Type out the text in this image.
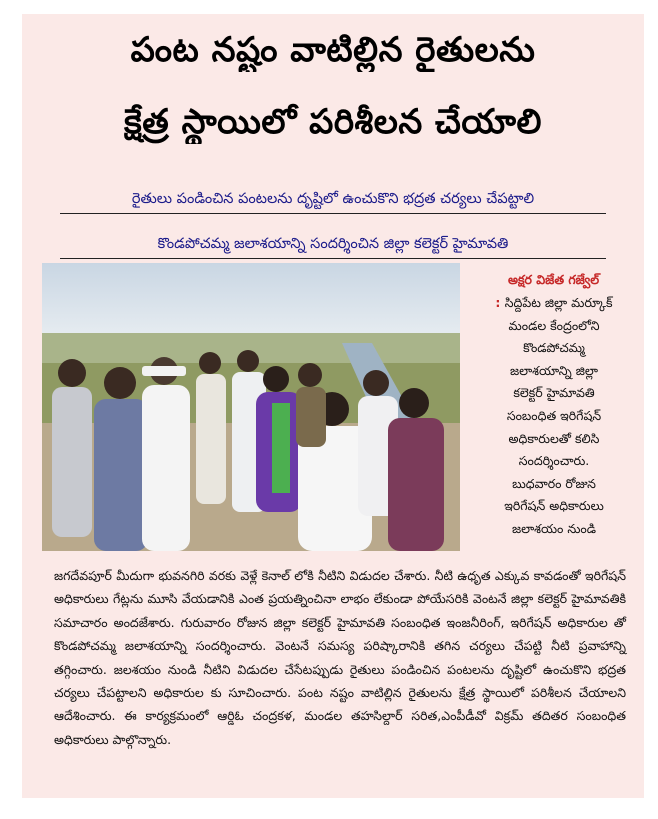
పంట నష్టం వాటిల్లిన రైతులను
క్షేత్ర స్థాయిలో పరిశీలన చేయాలి
రైతులు పండించిన పంటలను దృష్టిలో ఉంచుకొని భద్రత చర్యలు చేపట్టాలి
కొండపోచమ్మ జలాశయాన్ని సందర్శించిన జిల్లా కలెక్టర్ హైమావతి
అక్షర విజేత గజ్వేల్
: సిద్దిపేట జిల్లా మర్కూక్
మండల కేంద్రంలోని
కొండపోచమ్మ
జలాశయాన్ని జిల్లా
కలెక్టర్ హైమావతి
సంబంధిత ఇరిగేషన్
అధికారులతో కలిసి
సందర్శించారు.
బుధవారం రోజున
ఇరిగేషన్ అధికారులు
జలాశయం నుండి
జగదేవపూర్ మీదుగా భువనగిరి వరకు వెళ్లే కెనాల్ లోకి నీటిని విడుదల చేశారు. నీటి ఉధృత ఎక్కువ కావడంతో ఇరిగేషన్ అధికారులు గేట్లను మూసి వేయడానికి ఎంత ప్రయత్నించినా లాభం లేకుండా పోయేసరికి వెంటనే జిల్లా కలెక్టర్ హైమావతికి సమాచారం అందజేశారు. గురువారం రోజున జిల్లా కలెక్టర్ హైమావతి సంబంధిత ఇంజనీరింగ్, ఇరిగేషన్ అధికారుల తో కొండపోచమ్మ జలాశయాన్ని సందర్శించారు. వెంటనే సమస్య పరిష్కారానికి తగిన చర్యలు చేపట్టి నీటి ప్రవాహాన్ని తగ్గించారు. జలశయం నుండి నీటిని విడుదల చేసేటప్పుడు రైతులు పండించిన పంటలను దృష్టిలో ఉంచుకొని భద్రత చర్యలు చేపట్టాలని అధికారుల కు సూచించారు. పంట నష్టం వాటిల్లిన రైతులను క్షేత్ర స్థాయిలో పరిశీలన చేయాలని ఆదేశించారు. ఈ కార్యక్రమంలో ఆర్డిఓ చంద్రకళ, మండల తహసిల్దార్ సరిత,ఎంపీడీవో విక్రమ్ తదితర సంబంధిత అధికారులు పాల్గొన్నారు.
